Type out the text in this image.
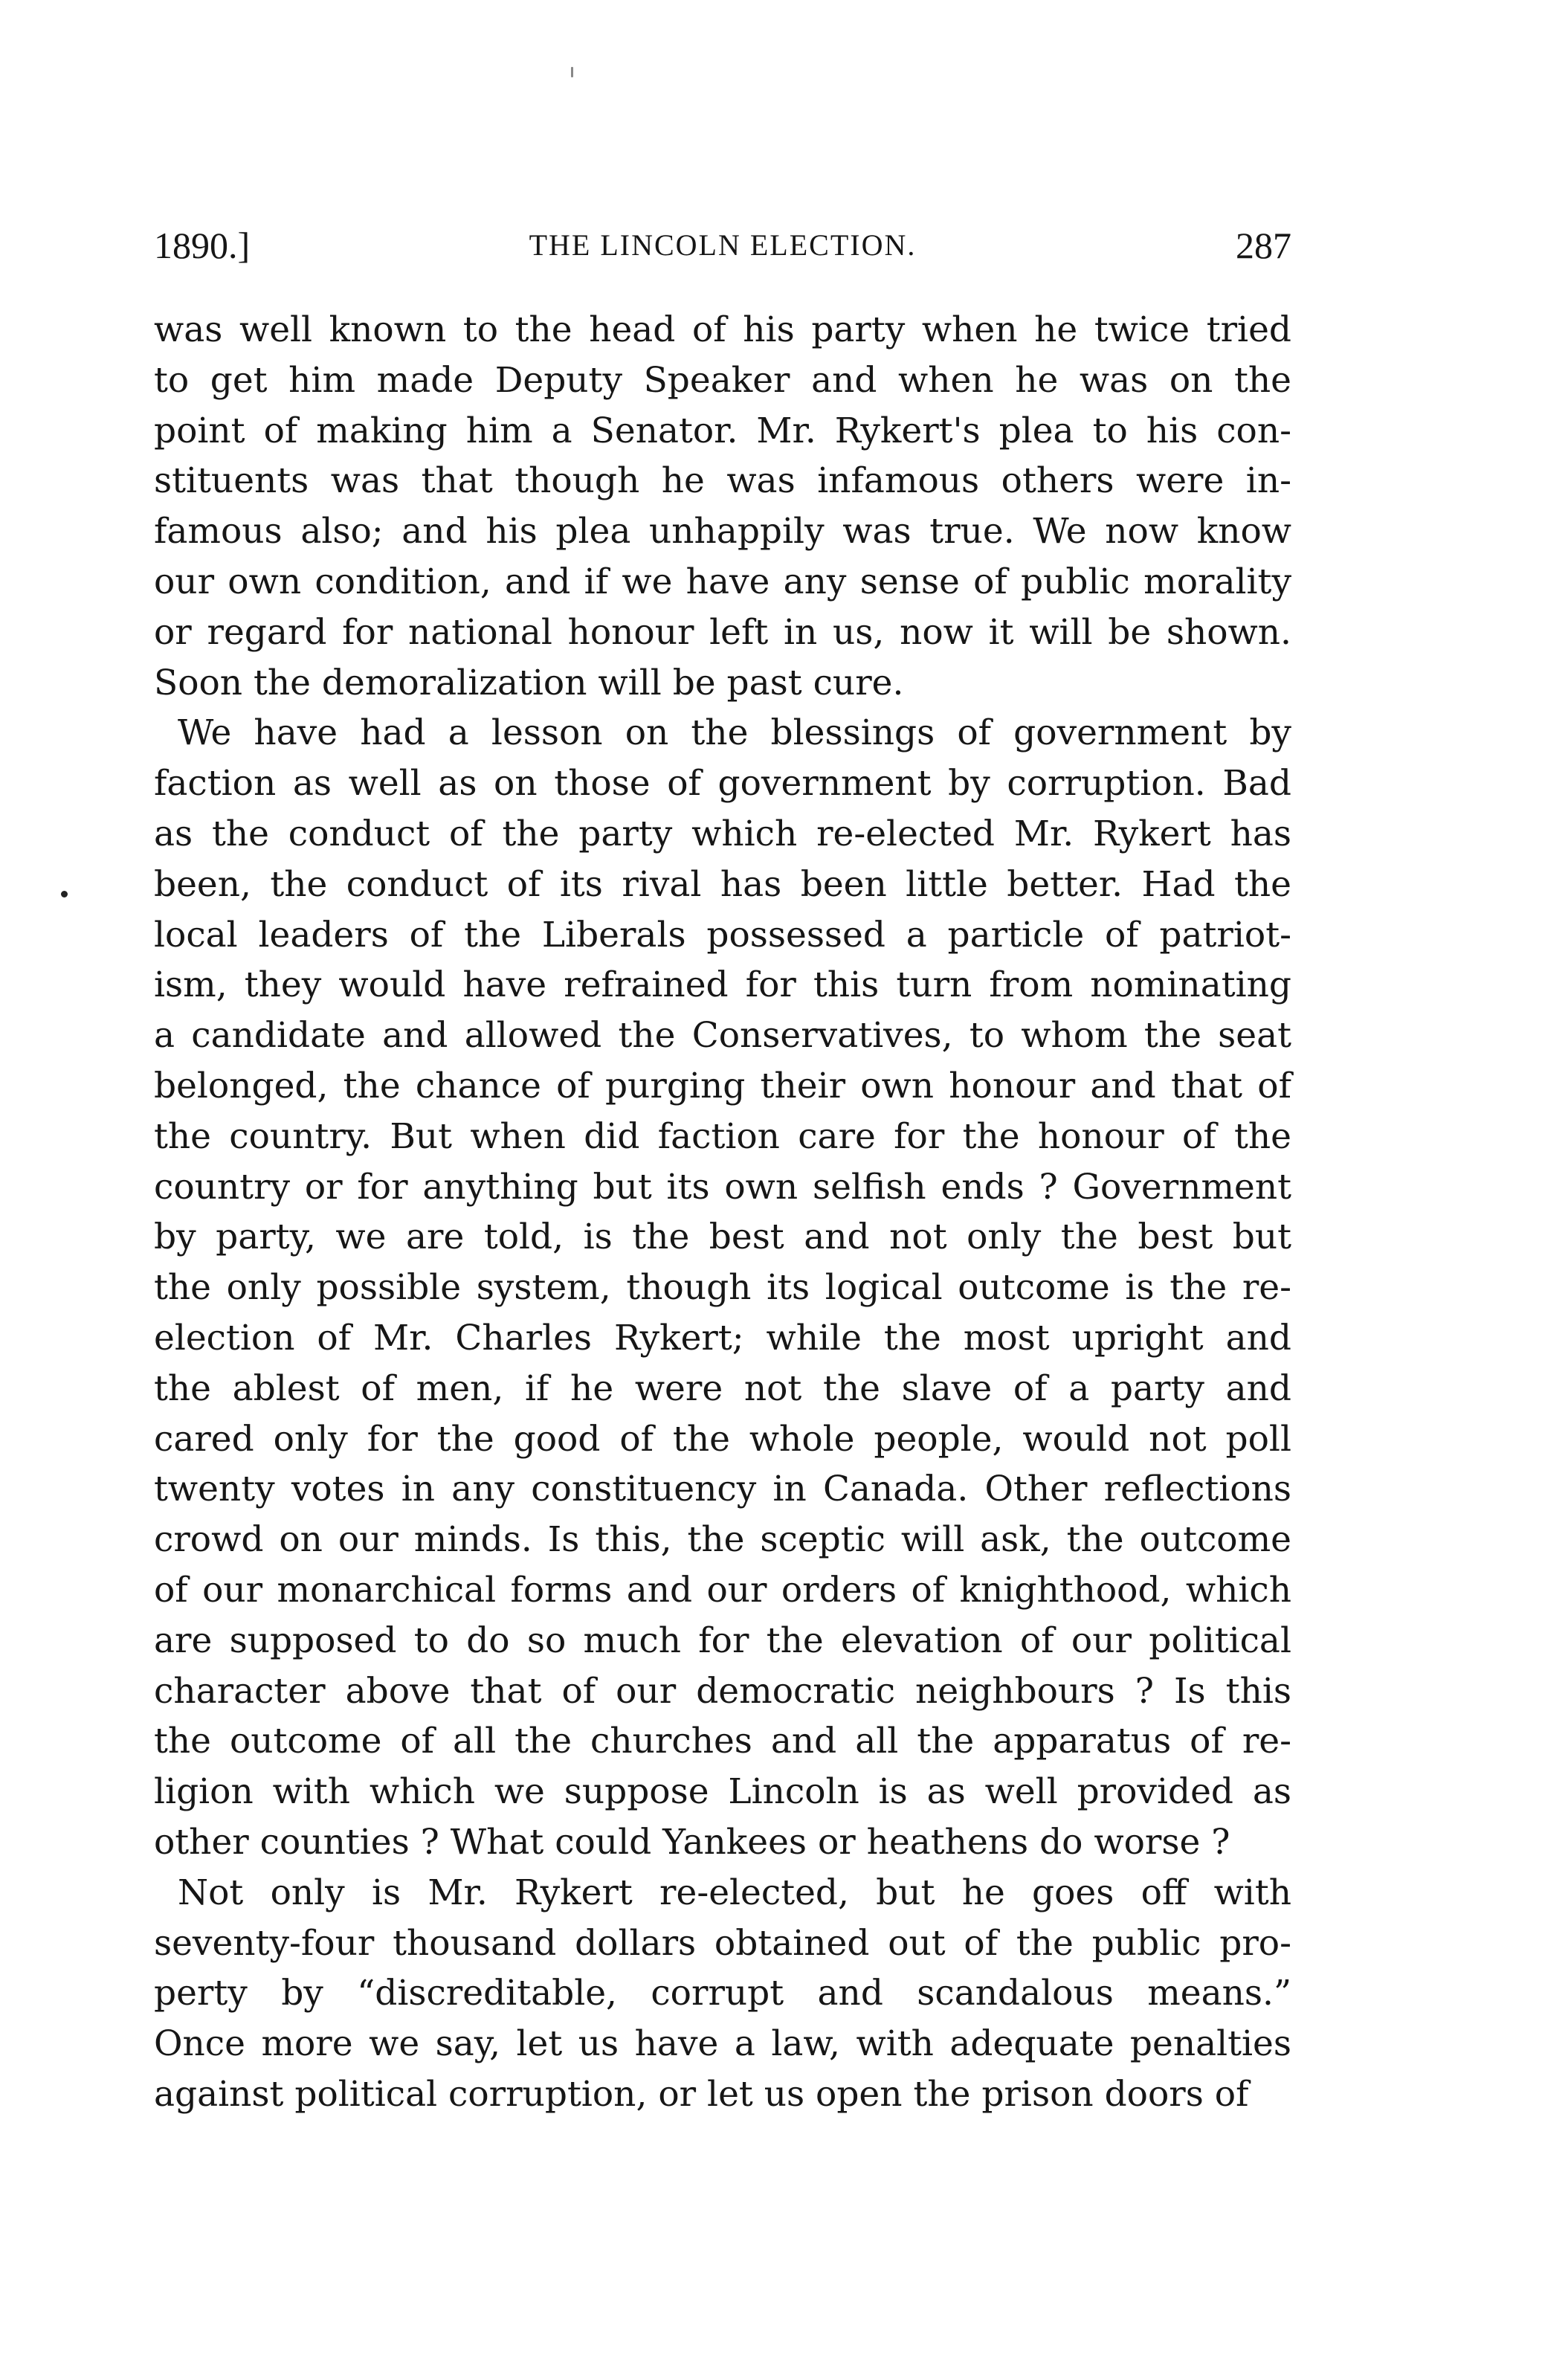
1890.]	THE LINCOLN ELECTION.	287
was well known to the head of his party when he twice tried
to get him made Deputy Speaker and when he was on the
point of making him a Senator. Mr. Rykert's plea to his con-
stituents was that though he was infamous others were in-
famous also; and his plea unhappily was true. We now know
our own condition, and if we have any sense of public morality
or regard for national honour left in us, now it will be shown.
Soon the demoralization will be past cure.
We have had a lesson on the blessings of government by
faction as well as on those of government by corruption. Bad
as the conduct of the party which re-elected Mr. Rykert has
been, the conduct of its rival has been little better. Had the
local leaders of the Liberals possessed a particle of patriot-
ism, they would have refrained for this turn from nominating
a candidate and allowed the Conservatives, to whom the seat
belonged, the chance of purging their own honour and that of
the country. But when did faction care for the honour of the
country or for anything but its own selfish ends ? Government
by party, we are told, is the best and not only the best but
the only possible system, though its logical outcome is the re-
election of Mr. Charles Rykert; while the most upright and
the ablest of men, if he were not the slave of a party and
cared only for the good of the whole people, would not poll
twenty votes in any constituency in Canada. Other reflections
crowd on our minds. Is this, the sceptic will ask, the outcome
of our monarchical forms and our orders of knighthood, which
are supposed to do so much for the elevation of our political
character above that of our democratic neighbours ? Is this
the outcome of all the churches and all the apparatus of re-
ligion with which we suppose Lincoln is as well provided as
other counties ? What could Yankees or heathens do worse ?
Not only is Mr. Rykert re-elected, but he goes off with
seventy-four thousand dollars obtained out of the public pro-
perty by “discreditable, corrupt and scandalous means.”
Once more we say, let us have a law, with adequate penalties
against political corruption, or let us open the prison doors of
